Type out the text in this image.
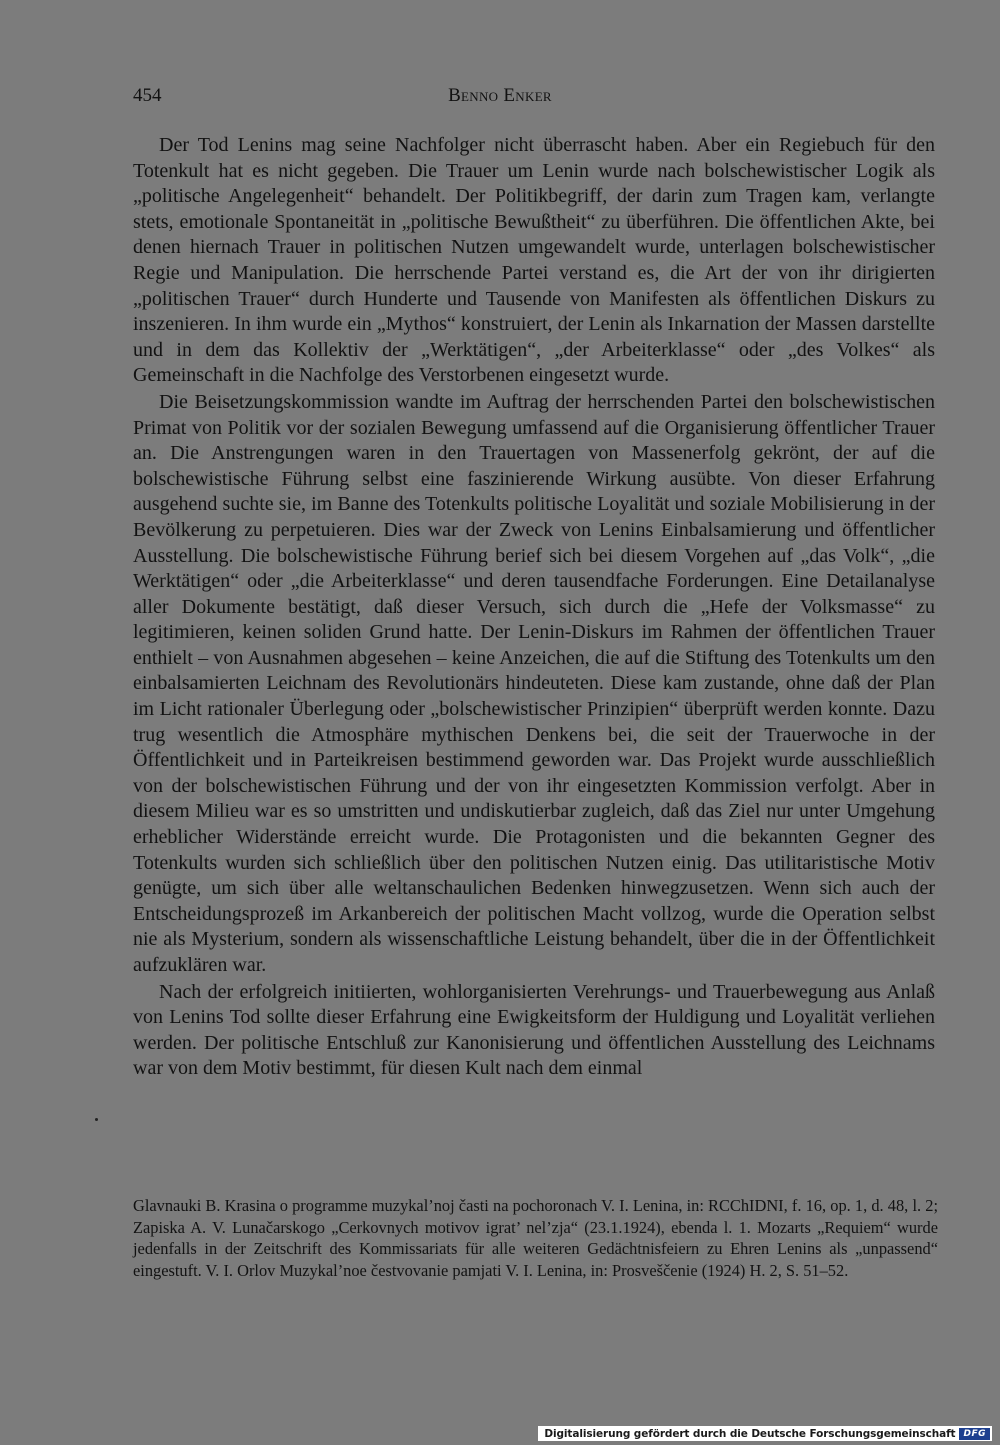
454	Benno Enker

Der Tod Lenins mag seine Nachfolger nicht überrascht haben. Aber ein Regiebuch für den Totenkult hat es nicht gegeben. Die Trauer um Lenin wurde nach bolschewistischer Logik als „politische Angelegenheit“ behandelt. Der Politikbegriff, der darin zum Tragen kam, verlangte stets, emotionale Spontaneität in „politische Bewußtheit“ zu überführen. Die öffentlichen Akte, bei denen hiernach Trauer in politischen Nutzen umgewandelt wurde, unterlagen bolschewistischer Regie und Manipulation. Die herrschende Partei verstand es, die Art der von ihr dirigierten „politischen Trauer“ durch Hunderte und Tausende von Manifesten als öffentlichen Diskurs zu inszenieren. In ihm wurde ein „Mythos“ konstruiert, der Lenin als Inkarnation der Massen darstellte und in dem das Kollektiv der „Werktätigen“, „der Arbeiterklasse“ oder „des Volkes“ als Gemeinschaft in die Nachfolge des Verstorbenen eingesetzt wurde.

Die Beisetzungskommission wandte im Auftrag der herrschenden Partei den bolschewistischen Primat von Politik vor der sozialen Bewegung umfassend auf die Organisierung öffentlicher Trauer an. Die Anstrengungen waren in den Trauertagen von Massenerfolg gekrönt, der auf die bolschewistische Führung selbst eine faszinierende Wirkung ausübte. Von dieser Erfahrung ausgehend suchte sie, im Banne des Totenkults politische Loyalität und soziale Mobilisierung in der Bevölkerung zu perpetuieren. Dies war der Zweck von Lenins Einbalsamierung und öffentlicher Ausstellung. Die bolschewistische Führung berief sich bei diesem Vorgehen auf „das Volk“, „die Werktätigen“ oder „die Arbeiterklasse“ und deren tausendfache Forderungen. Eine Detailanalyse aller Dokumente bestätigt, daß dieser Versuch, sich durch die „Hefe der Volksmasse“ zu legitimieren, keinen soliden Grund hatte. Der Lenin-Diskurs im Rahmen der öffentlichen Trauer enthielt – von Ausnahmen abgesehen – keine Anzeichen, die auf die Stiftung des Totenkults um den einbalsamierten Leichnam des Revolutionärs hindeuteten. Diese kam zustande, ohne daß der Plan im Licht rationaler Überlegung oder „bolschewistischer Prinzipien“ überprüft werden konnte. Dazu trug wesentlich die Atmosphäre mythischen Denkens bei, die seit der Trauerwoche in der Öffentlichkeit und in Parteikreisen bestimmend geworden war. Das Projekt wurde ausschließlich von der bolschewistischen Führung und der von ihr eingesetzten Kommission verfolgt. Aber in diesem Milieu war es so umstritten und undiskutierbar zugleich, daß das Ziel nur unter Umgehung erheblicher Widerstände erreicht wurde. Die Protagonisten und die bekannten Gegner des Totenkults wurden sich schließlich über den politischen Nutzen einig. Das utilitaristische Motiv genügte, um sich über alle weltanschaulichen Bedenken hinwegzusetzen. Wenn sich auch der Entscheidungsprozeß im Arkanbereich der politischen Macht vollzog, wurde die Operation selbst nie als Mysterium, sondern als wissenschaftliche Leistung behandelt, über die in der Öffentlichkeit aufzuklären war.

Nach der erfolgreich initiierten, wohlorganisierten Verehrungs- und Trauerbewegung aus Anlaß von Lenins Tod sollte dieser Erfahrung eine Ewigkeitsform der Huldigung und Loyalität verliehen werden. Der politische Entschluß zur Kanonisierung und öffentlichen Ausstellung des Leichnams war von dem Motiv bestimmt, für diesen Kult nach dem einmal

Glavnauki B. Krasina o programme muzykal’noj časti na pochoronach V. I. Lenina, in: RCChIDNI, f. 16, op. 1, d. 48, l. 2; Zapiska A. V. Lunačarskogo „Cerkovnych motivov igrat’ nel’zja“ (23.1.1924), ebenda l. 1. Mozarts „Requiem“ wurde jedenfalls in der Zeitschrift des Kommissariats für alle weiteren Gedächtnisfeiern zu Ehren Lenins als „unpassend“ eingestuft. V. I. Orlov Muzykal’noe čestvovanie pamjati V. I. Lenina, in: Prosveščenie (1924) H. 2, S. 51–52.

Digitalisierung gefördert durch die Deutsche Forschungsgemeinschaft DFG
